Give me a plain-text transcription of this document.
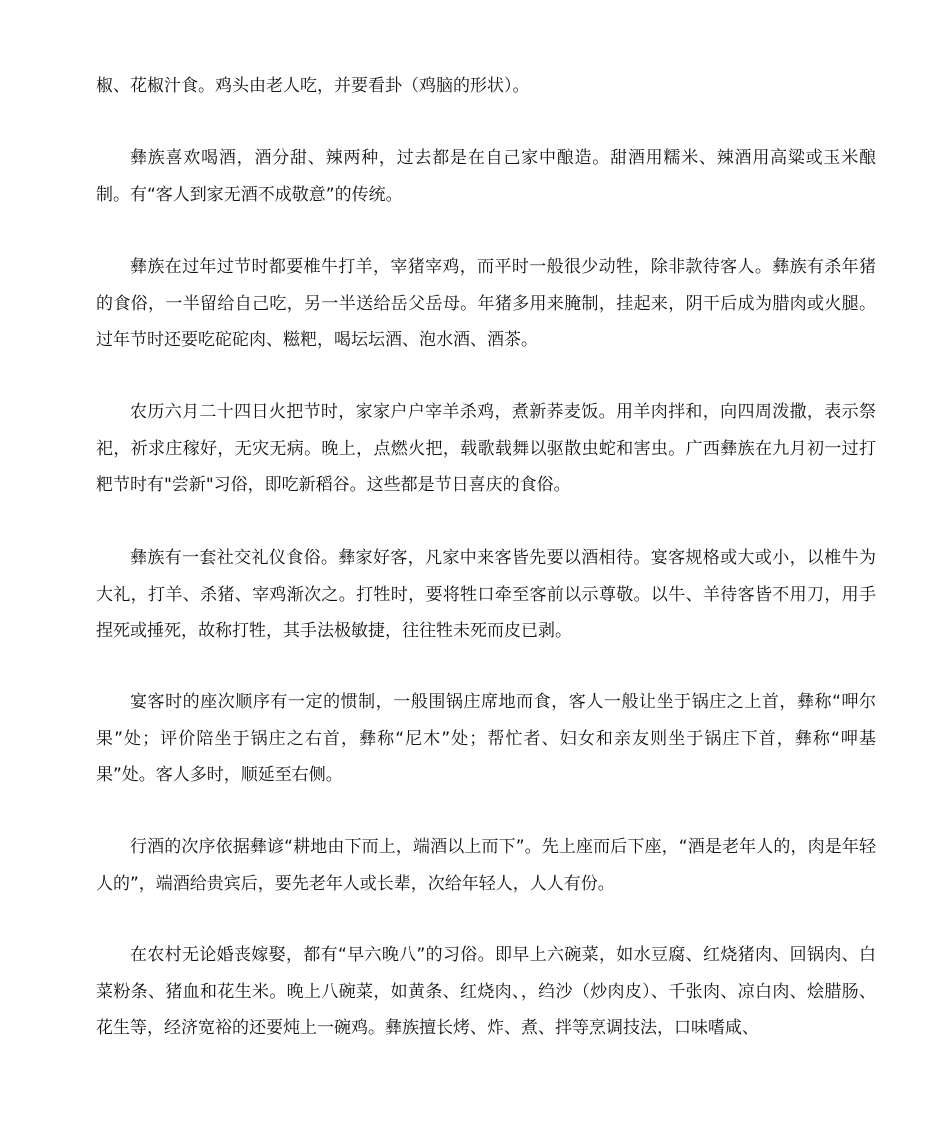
椒、花椒汁食。鸡头由老人吃，并要看卦（鸡脑的形状）。

彝族喜欢喝酒，酒分甜、辣两种，过去都是在自己家中酿造。甜酒用糯米、辣酒用高粱或玉米酿制。有“客人到家无酒不成敬意”的传统。

彝族在过年过节时都要椎牛打羊，宰猪宰鸡，而平时一般很少动牲，除非款待客人。彝族有杀年猪的食俗，一半留给自己吃，另一半送给岳父岳母。年猪多用来腌制，挂起来，阴干后成为腊肉或火腿。过年节时还要吃砣砣肉、糍粑，喝坛坛酒、泡水酒、酒茶。

农历六月二十四日火把节时，家家户户宰羊杀鸡，煮新荞麦饭。用羊肉拌和，向四周泼撒，表示祭祀，祈求庄稼好，无灾无病。晚上，点燃火把，载歌载舞以驱散虫蛇和害虫。广西彝族在九月初一过打粑节时有"尝新"习俗，即吃新稻谷。这些都是节日喜庆的食俗。

彝族有一套社交礼仪食俗。彝家好客，凡家中来客皆先要以酒相待。宴客规格或大或小，以椎牛为大礼，打羊、杀猪、宰鸡渐次之。打牲时，要将牲口牵至客前以示尊敬。以牛、羊待客皆不用刀，用手捏死或捶死，故称打牲，其手法极敏捷，往往牲未死而皮已剥。

宴客时的座次顺序有一定的惯制，一般围锅庄席地而食，客人一般让坐于锅庄之上首，彝称“呷尔果”处；评价陪坐于锅庄之右首，彝称“尼木”处；帮忙者、妇女和亲友则坐于锅庄下首，彝称“呷基果”处。客人多时，顺延至右侧。

行酒的次序依据彝谚“耕地由下而上，端酒以上而下”。先上座而后下座，“酒是老年人的，肉是年轻人的”，端酒给贵宾后，要先老年人或长辈，次给年轻人，人人有份。

在农村无论婚丧嫁娶，都有“早六晚八”的习俗。即早上六碗菜，如水豆腐、红烧猪肉、回锅肉、白菜粉条、猪血和花生米。晚上八碗菜，如黄条、红烧肉、，绉沙（炒肉皮）、千张肉、凉白肉、烩腊肠、花生等，经济宽裕的还要炖上一碗鸡。彝族擅长烤、炸、煮、拌等烹调技法，口味嗜咸、
